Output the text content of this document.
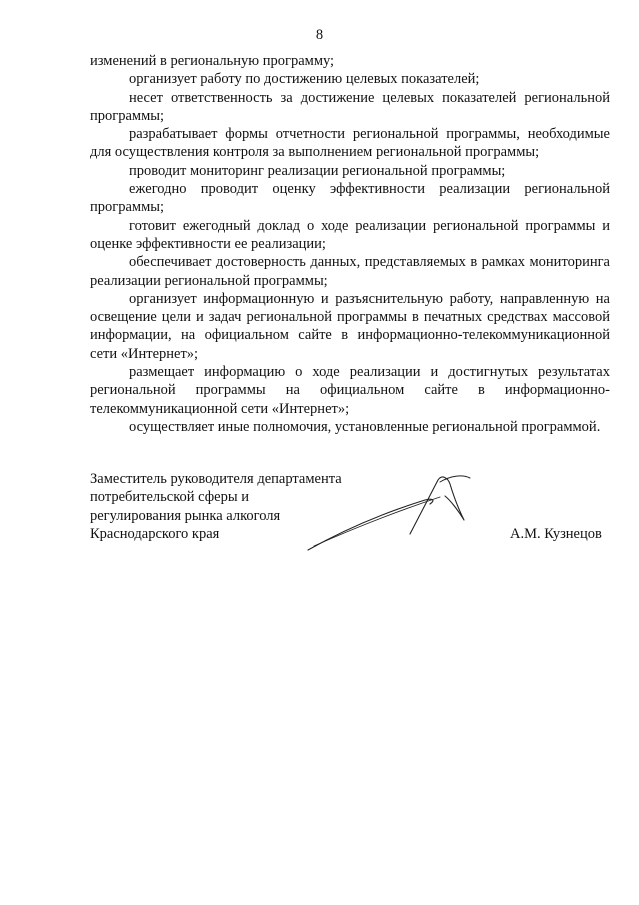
8

изменений в региональную программу;

организует работу по достижению целевых показателей;

несет ответственность за достижение целевых показателей региональной программы;

разрабатывает формы отчетности региональной программы, необходимые для осуществления контроля за выполнением региональной программы;

проводит мониторинг реализации региональной программы;

ежегодно проводит оценку эффективности реализации региональной программы;

готовит ежегодный доклад о ходе реализации региональной программы и оценке эффективности ее реализации;

обеспечивает достоверность данных, представляемых в рамках мониторинга реализации региональной программы;

организует информационную и разъяснительную работу, направленную на освещение цели и задач региональной программы в печатных средствах массовой информации, на официальном сайте в информационно-телекоммуникационной сети «Интернет»;

размещает информацию о ходе реализации и достигнутых результатах региональной программы на официальном сайте в информационно-телекоммуникационной сети «Интернет»;

осуществляет иные полномочия, установленные региональной программой.

Заместитель руководителя департамента
потребительской сферы и
регулирования рынка алкоголя
Краснодарского края	А.М. Кузнецов
